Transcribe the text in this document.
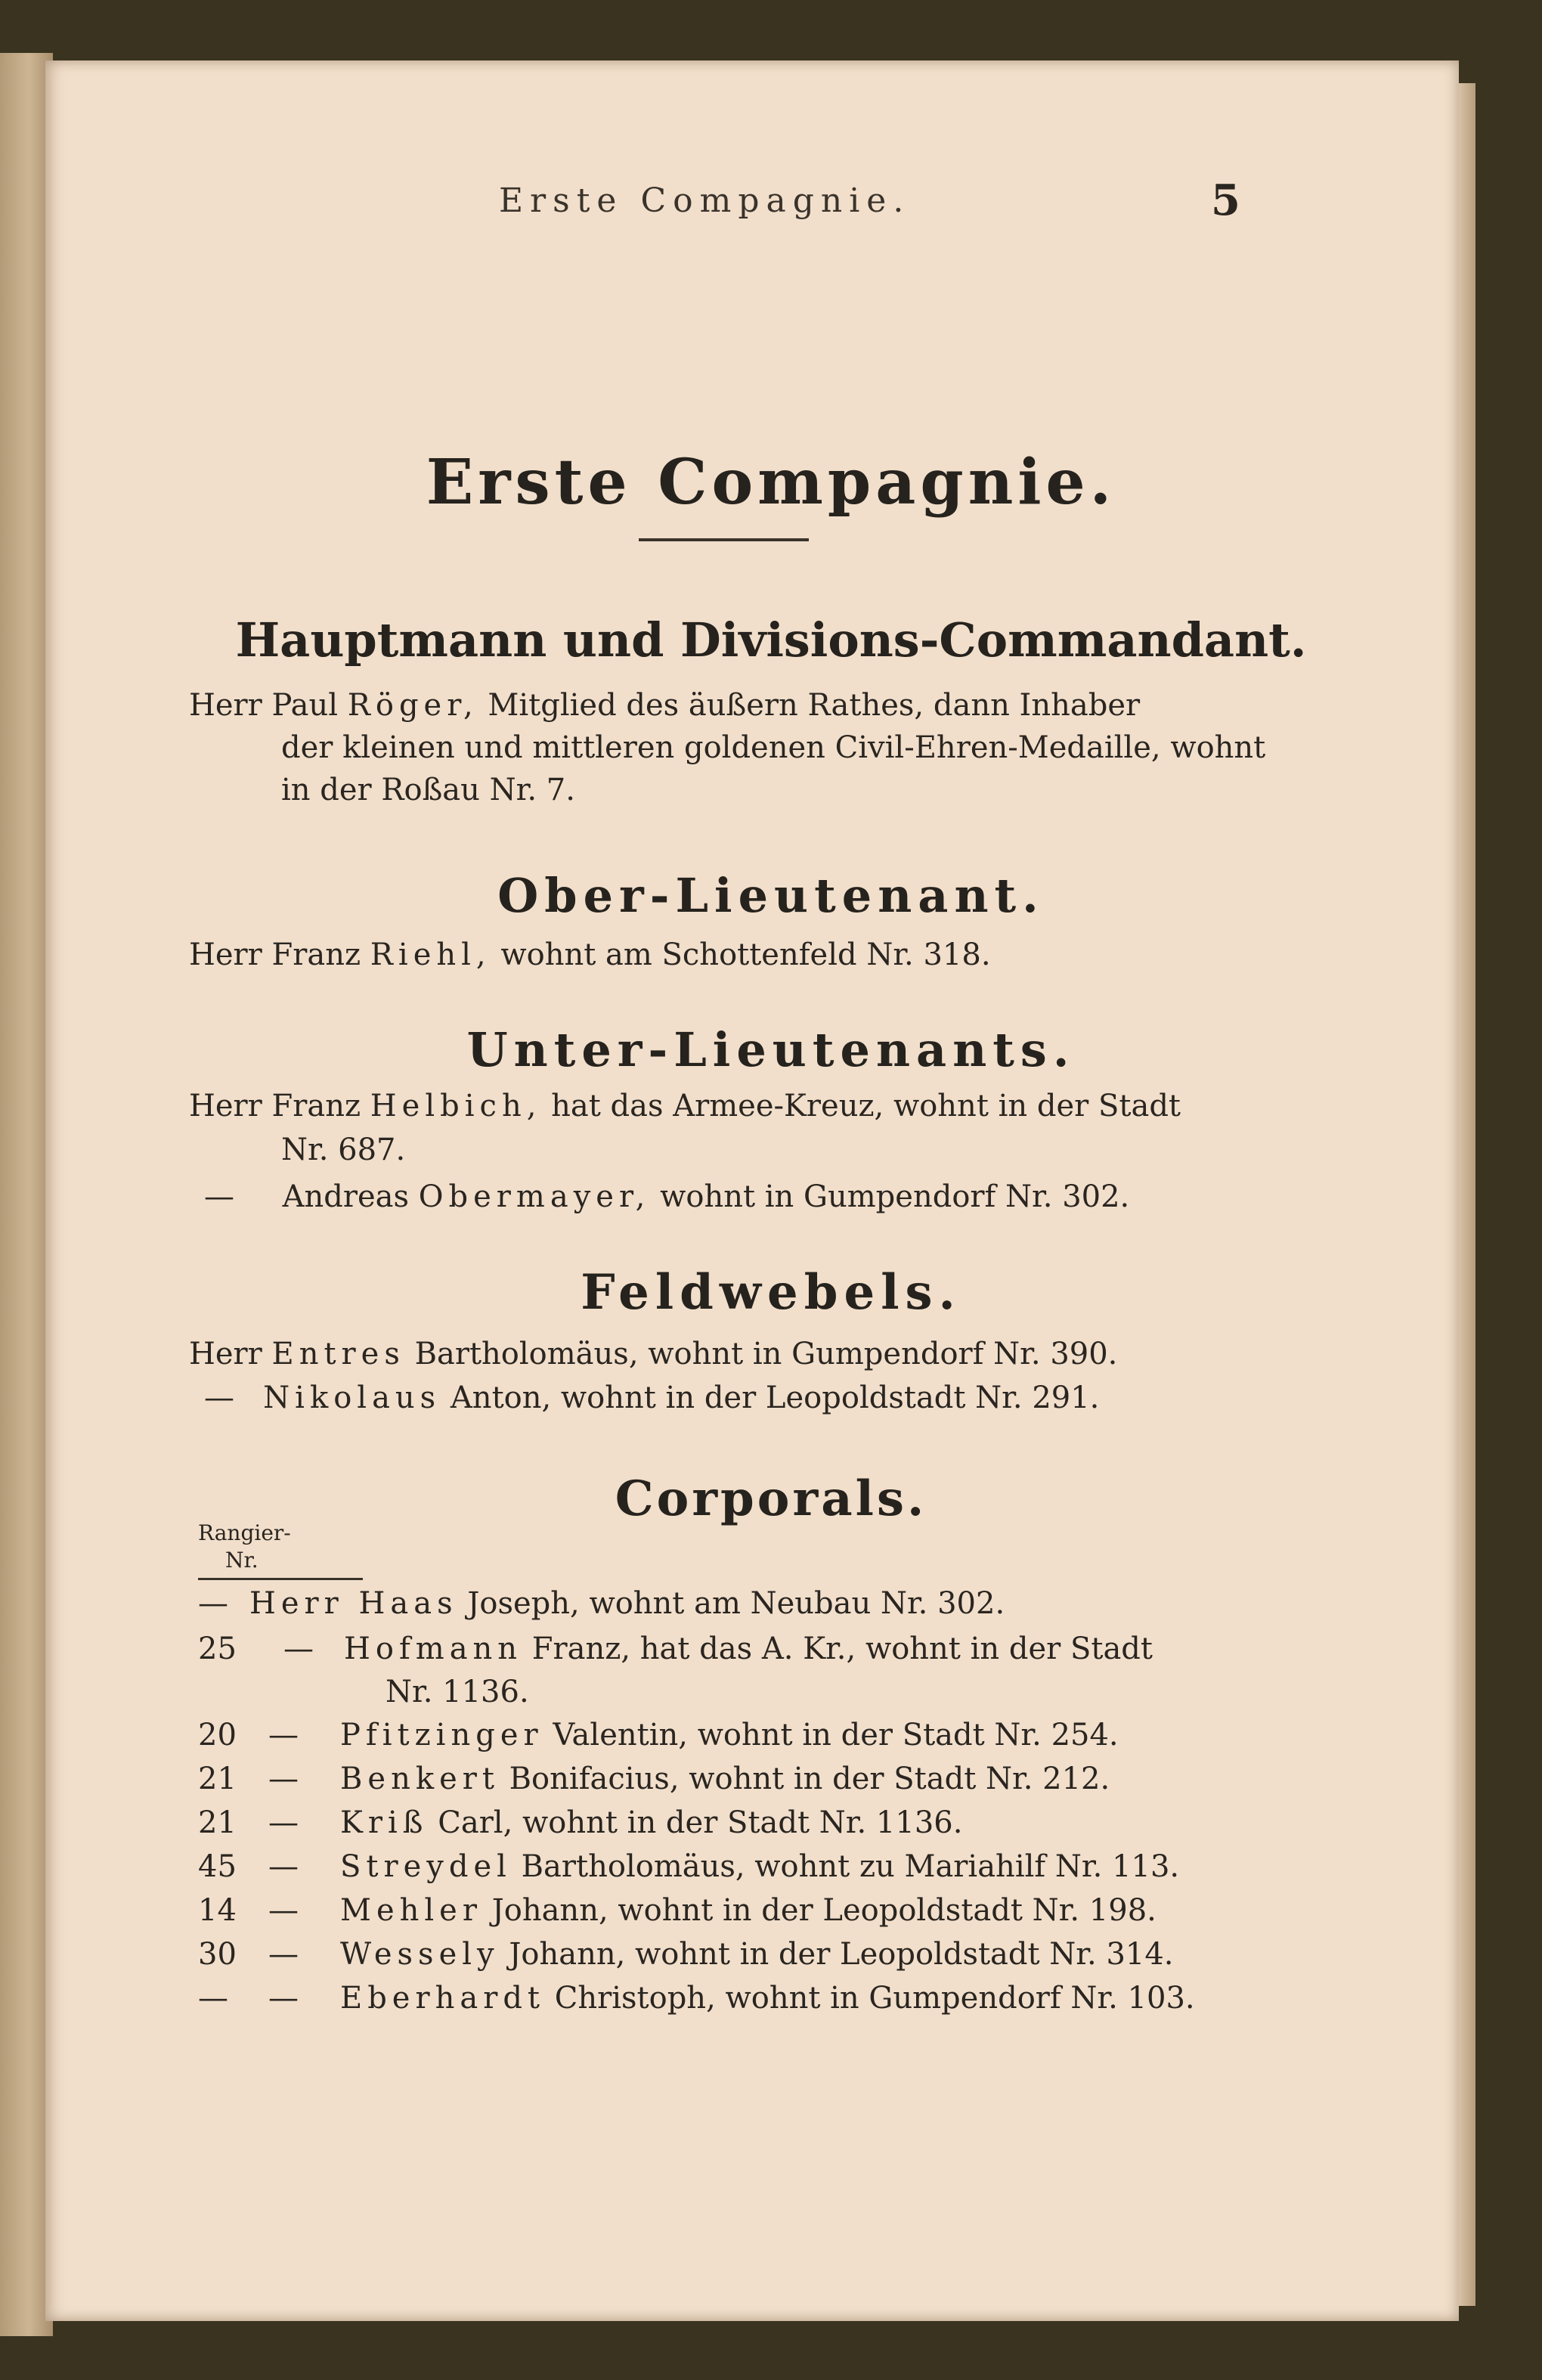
Erste Compagnie.	5
Erste Compagnie.
Hauptmann und Divisions-Commandant.
Herr Paul Röger, Mitglied des äußern Rathes, dann Inhaber
der kleinen und mittleren goldenen Civil-Ehren-Medaille, wohnt
in der Roßau Nr. 7.
Ober-Lieutenant.
Herr Franz Riehl, wohnt am Schottenfeld Nr. 318.
Unter-Lieutenants.
Herr Franz Helbich, hat das Armee-Kreuz, wohnt in der Stadt
Nr. 687.
— Andreas Obermayer, wohnt in Gumpendorf Nr. 302.
Feldwebels.
Herr Entres Bartholomäus, wohnt in Gumpendorf Nr. 390.
— Nikolaus Anton, wohnt in der Leopoldstadt Nr. 291.
Corporals.
Rangier-
Nr.
— Herr Haas Joseph, wohnt am Neubau Nr. 302.
25 — Hofmann Franz, hat das A. Kr., wohnt in der Stadt
Nr. 1136.
20 — Pfitzinger Valentin, wohnt in der Stadt Nr. 254.
21 — Benkert Bonifacius, wohnt in der Stadt Nr. 212.
21 — Kriß Carl, wohnt in der Stadt Nr. 1136.
45 — Streydel Bartholomäus, wohnt zu Mariahilf Nr. 113.
14 — Mehler Johann, wohnt in der Leopoldstadt Nr. 198.
30 — Wessely Johann, wohnt in der Leopoldstadt Nr. 314.
—	— Eberhardt Christoph, wohnt in Gumpendorf Nr. 103.
